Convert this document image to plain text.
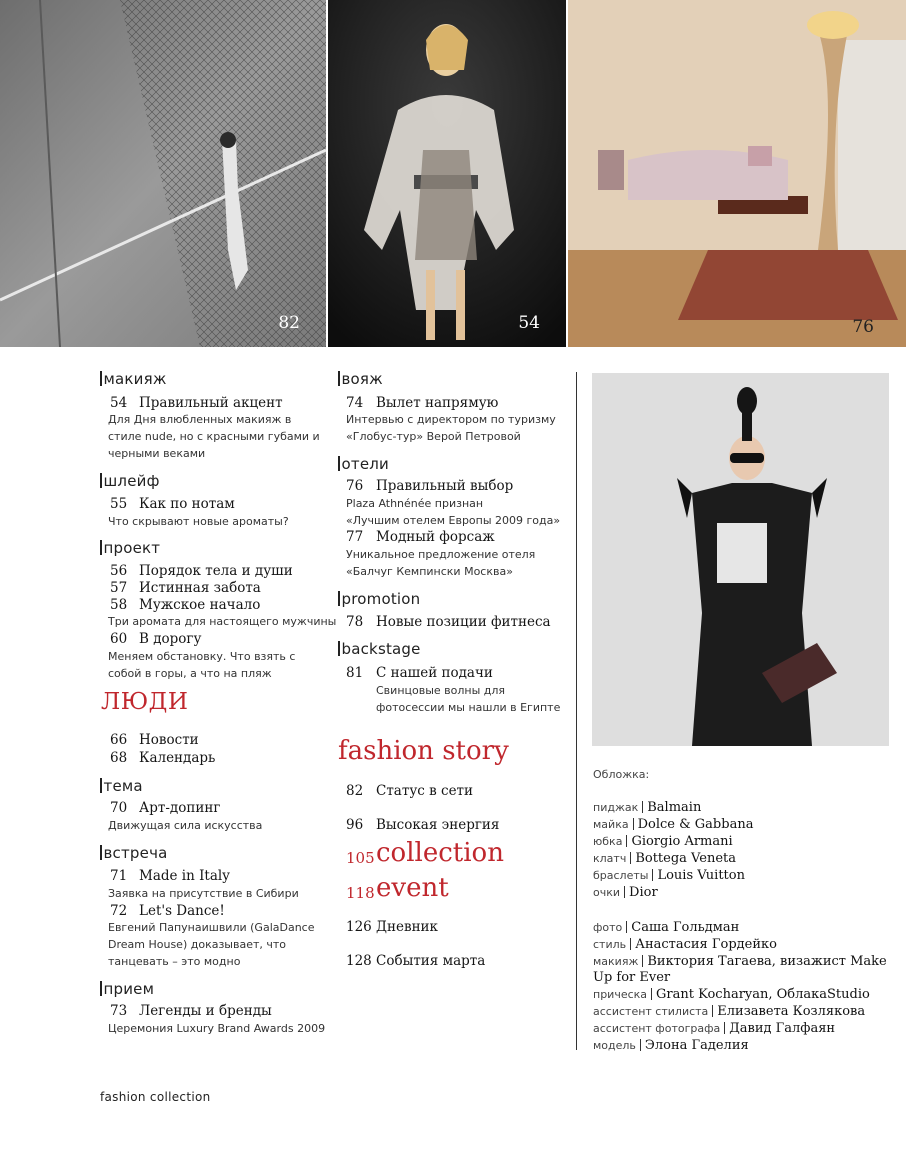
82	54	76
макияж
54 Правильный акцент
Для Дня влюбленных макияж в
стиле nude, но с красными губами и
черными веками
шлейф
55 Как по нотам
Что скрывают новые ароматы?
проект
56 Порядок тела и души
57 Истинная забота
58 Мужское начало
Три аромата для настоящего мужчины
60 В дорогу
Меняем обстановку. Что взять с
собой в горы, а что на пляж
ЛЮДИ
66 Новости
68 Календарь
тема
70 Арт-допинг
Движущая сила искусства
встреча
71 Made in Italy
Заявка на присутствие в Сибири
72 Let's Dance!
Евгений Папунаишвили (GalaDance
Dream House) доказывает, что
танцевать – это модно
прием
73 Легенды и бренды
Церемония Luxury Brand Awards 2009
вояж
74 Вылет напрямую
Интервью с директором по туризму
«Глобус-тур» Верой Петровой
отели
76 Правильный выбор
Plaza Athnénée признан
«Лучшим отелем Европы 2009 года»
77 Модный форсаж
Уникальное предложение отеля
«Балчуг Кемпински Москва»
promotion
78 Новые позиции фитнеса
backstage
81 С нашей подачи
Свинцовые волны для
фотосессии мы нашли в Египте
fashion story
82 Статус в сети
96 Высокая энергия
105 collection
118 event
126 Дневник
128 События марта
Обложка:
пиджак Balmain
майка Dolce & Gabbana
юбка Giorgio Armani
клатч Bottega Veneta
браслеты Louis Vuitton
очки Dior
фото Саша Гольдман
стиль Анастасия Гордейко
макияж Виктория Тагаева, визажист Make
Up for Ever
прическа Grant Kocharyan, ОблакаStudio
ассистент стилиста Елизавета Козлякова
ассистент фотографа Давид Галфаян
модель Элона Гаделия
fashion collection
